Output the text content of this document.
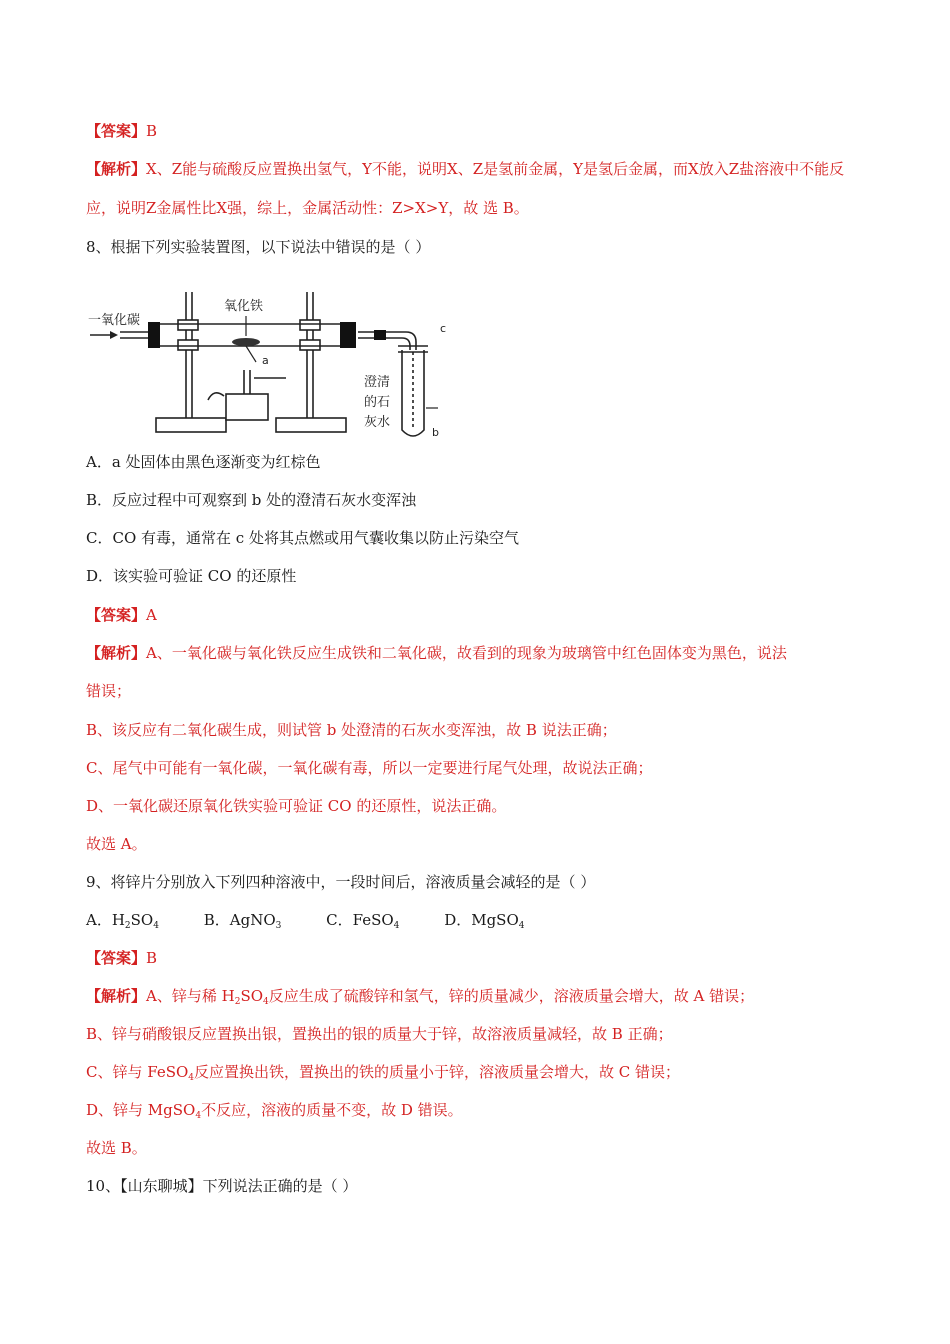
【答案】B
【解析】X、Z能与硫酸反应置换出氢气，Y不能，说明X、Z是氢前金属，Y是氢后金属，而X放入Z盐溶液中不能反
应，说明Z金属性比X强，综上，金属活动性：Z>X>Y，故 选 B。
8、根据下列实验装置图，以下说法中错误的是（ ）
一氧化碳
氧化铁
a
c
b
澄清
的石
灰水
A．a 处固体由黑色逐渐变为红棕色
B．反应过程中可观察到 b 处的澄清石灰水变浑浊
C．CO 有毒，通常在 c 处将其点燃或用气囊收集以防止污染空气
D．该实验可验证 CO 的还原性
【答案】A
【解析】A、一氧化碳与氧化铁反应生成铁和二氧化碳，故看到的现象为玻璃管中红色固体变为黑色，说法
错误；
B、该反应有二氧化碳生成，则试管 b 处澄清的石灰水变浑浊，故 B 说法正确；
C、尾气中可能有一氧化碳，一氧化碳有毒，所以一定要进行尾气处理，故说法正确；
D、一氧化碳还原氧化铁实验可验证 CO 的还原性，说法正确。
故选 A。
9、将锌片分别放入下列四种溶液中，一段时间后，溶液质量会减轻的是（ ）
A．$H_2SO_4$	B．AgNO$_3$	C．FeSO$_4$	D．MgSO$_4$
【答案】B
【解析】A、锌与稀 $H_2SO_4$反应生成了硫酸锌和氢气，锌的质量减少，溶液质量会增大，故 A 错误；
B、锌与硝酸银反应置换出银，置换出的银的质量大于锌，故溶液质量减轻，故 B 正确；
C、锌与 FeSO$_4$反应置换出铁，置换出的铁的质量小于锌，溶液质量会增大，故 C 错误；
D、锌与 MgSO$_4$不反应，溶液的质量不变，故 D 错误。
故选 B。
10、【山东聊城】下列说法正确的是（ ）
